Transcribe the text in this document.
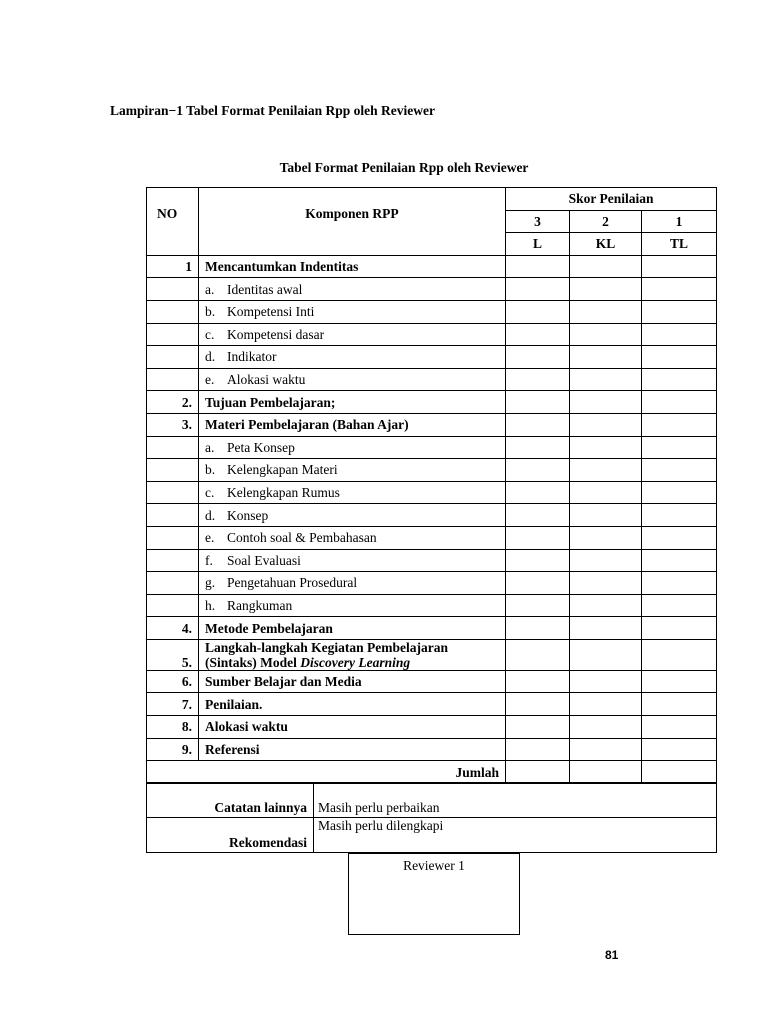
Lampiran−1 Tabel Format Penilaian Rpp oleh Reviewer
Tabel Format Penilaian Rpp oleh Reviewer
NO	Komponen RPP	Skor Penilaian		
		3	2	1
		L	KL	TL
1	Mencantumkan Indentitas			
	a. Identitas awal			
	b. Kompetensi Inti			
	c. Kompetensi dasar			
	d. Indikator			
	e. Alokasi waktu			
2.	Tujuan Pembelajaran;			
3.	Materi Pembelajaran (Bahan Ajar)			
	a. Peta Konsep			
	b. Kelengkapan Materi			
	c. Kelengkapan Rumus			
	d. Konsep			
	e. Contoh soal & Pembahasan			
	f. Soal Evaluasi			
	g. Pengetahuan Prosedural			
	h. Rangkuman			
4.	Metode Pembelajaran			
5.	Langkah-langkah Kegiatan Pembelajaran
(Sintaks) Model Discovery Learning			

6.	Sumber Belajar dan Media			
7.	Penilaian.			
8.	Alokasi waktu			
9.	Referensi			
Jumlah				
Catatan lainnya	Masih perlu perbaikan
Rekomendasi	Masih perlu dilengkapi
Reviewer 1
81
